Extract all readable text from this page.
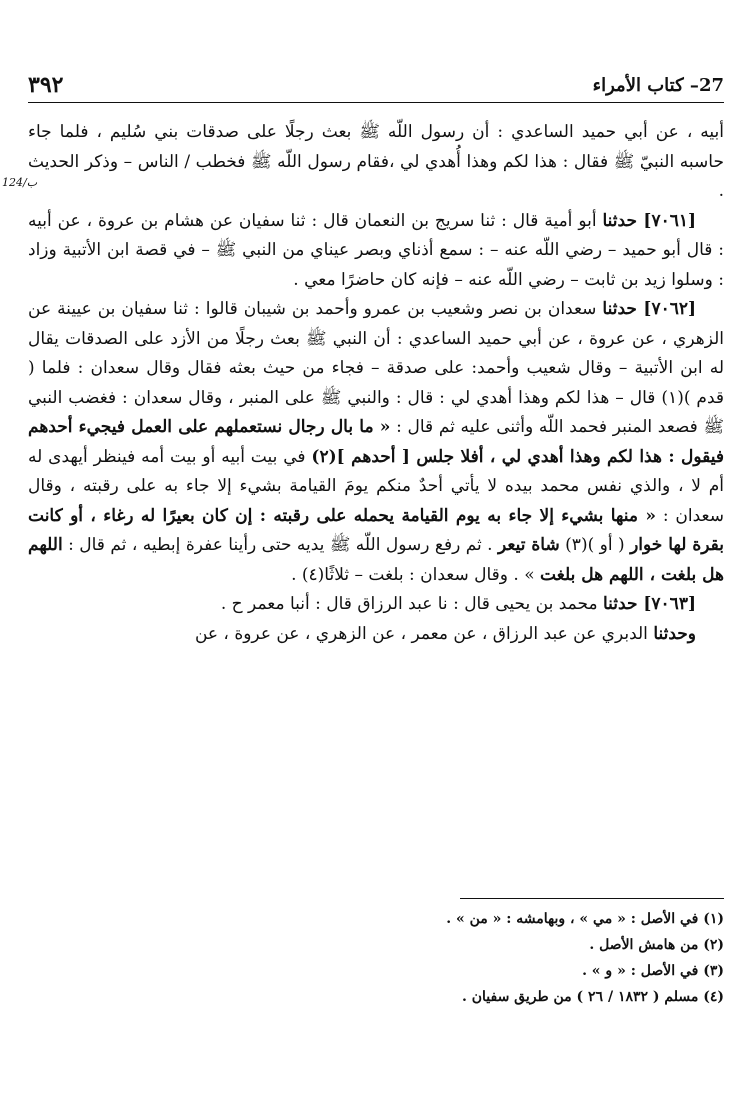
٣٩٢	27– كتاب الأمراء
124/ب

أبيه ، عن أبي حميد الساعدي : أن رسول اللّه ﷺ بعث رجلًا على صدقات بني سُليم ، فلما جاء حاسبه النبيّ ﷺ فقال : هذا لكم وهذا أُهدي لي ،فقام رسول اللّه ﷺ فخطب / الناس – وذكر الحديث .

[٧٠٦١] حدثنا أبو أمية قال : ثنا سريج بن النعمان قال : ثنا سفيان عن هشام بن عروة ، عن أبيه : قال أبو حميد – رضي اللّه عنه – : سمع أذناي وبصر عيناي من النبي ﷺ – في قصة ابن الأتبية وزاد : وسلوا زيد بن ثابت – رضي اللّه عنه – فإنه كان حاضرًا معي .

[٧٠٦٢] حدثنا سعدان بن نصر وشعيب بن عمرو وأحمد بن شيبان قالوا : ثنا سفيان بن عيينة عن الزهري ، عن عروة ، عن أبي حميد الساعدي : أن النبي ﷺ بعث رجلًا من الأزد على الصدقات يقال له ابن الأتبية – وقال شعيب وأحمد: على صدقة – فجاء من حيث بعثه فقال وقال سعدان : فلما ( قدم )(١) قال – هذا لكم وهذا أهدي لي : قال : والنبي ﷺ على المنبر ، وقال سعدان : فغضب النبي ﷺ فصعد المنبر فحمد اللّه وأثنى عليه ثم قال : « ما بال رجال نستعملهم على العمل فيجيء أحدهم فيقول : هذا لكم وهذا أهدي لي ، أفلا جلس [ أحدهم ](٢) في بيت أبيه أو بيت أمه فينظر أيهدى له أم لا ، والذي نفس محمد بيده لا يأتي أحدٌ منكم يومَ القيامة بشيء إلا جاء به على رقبته ، وقال سعدان : « منها بشيء إلا جاء به يوم القيامة يحمله على رقبته : إن كان بعيرًا له رغاء ، أو كانت بقرة لها خوار ( أو )(٣) شاة تيعر . ثم رفع رسول اللّه ﷺ يديه حتى رأينا عفرة إبطيه ، ثم قال : اللهم هل بلغت ، اللهم هل بلغت » . وقال سعدان : بلغت – ثلاثًا(٤) .

[٧٠٦٣] حدثنا محمد بن يحيى قال : نا عبد الرزاق قال : أنبا معمر ح .

وحدثنا الدبري عن عبد الرزاق ، عن معمر ، عن الزهري ، عن عروة ، عن

(١) في الأصل : « مي » ، وبهامشه : « من » .

(٢) من هامش الأصل .

(٣) في الأصل : « و » .

(٤) مسلم ( ١٨٣٢ / ٢٦ ) من طريق سفيان .
